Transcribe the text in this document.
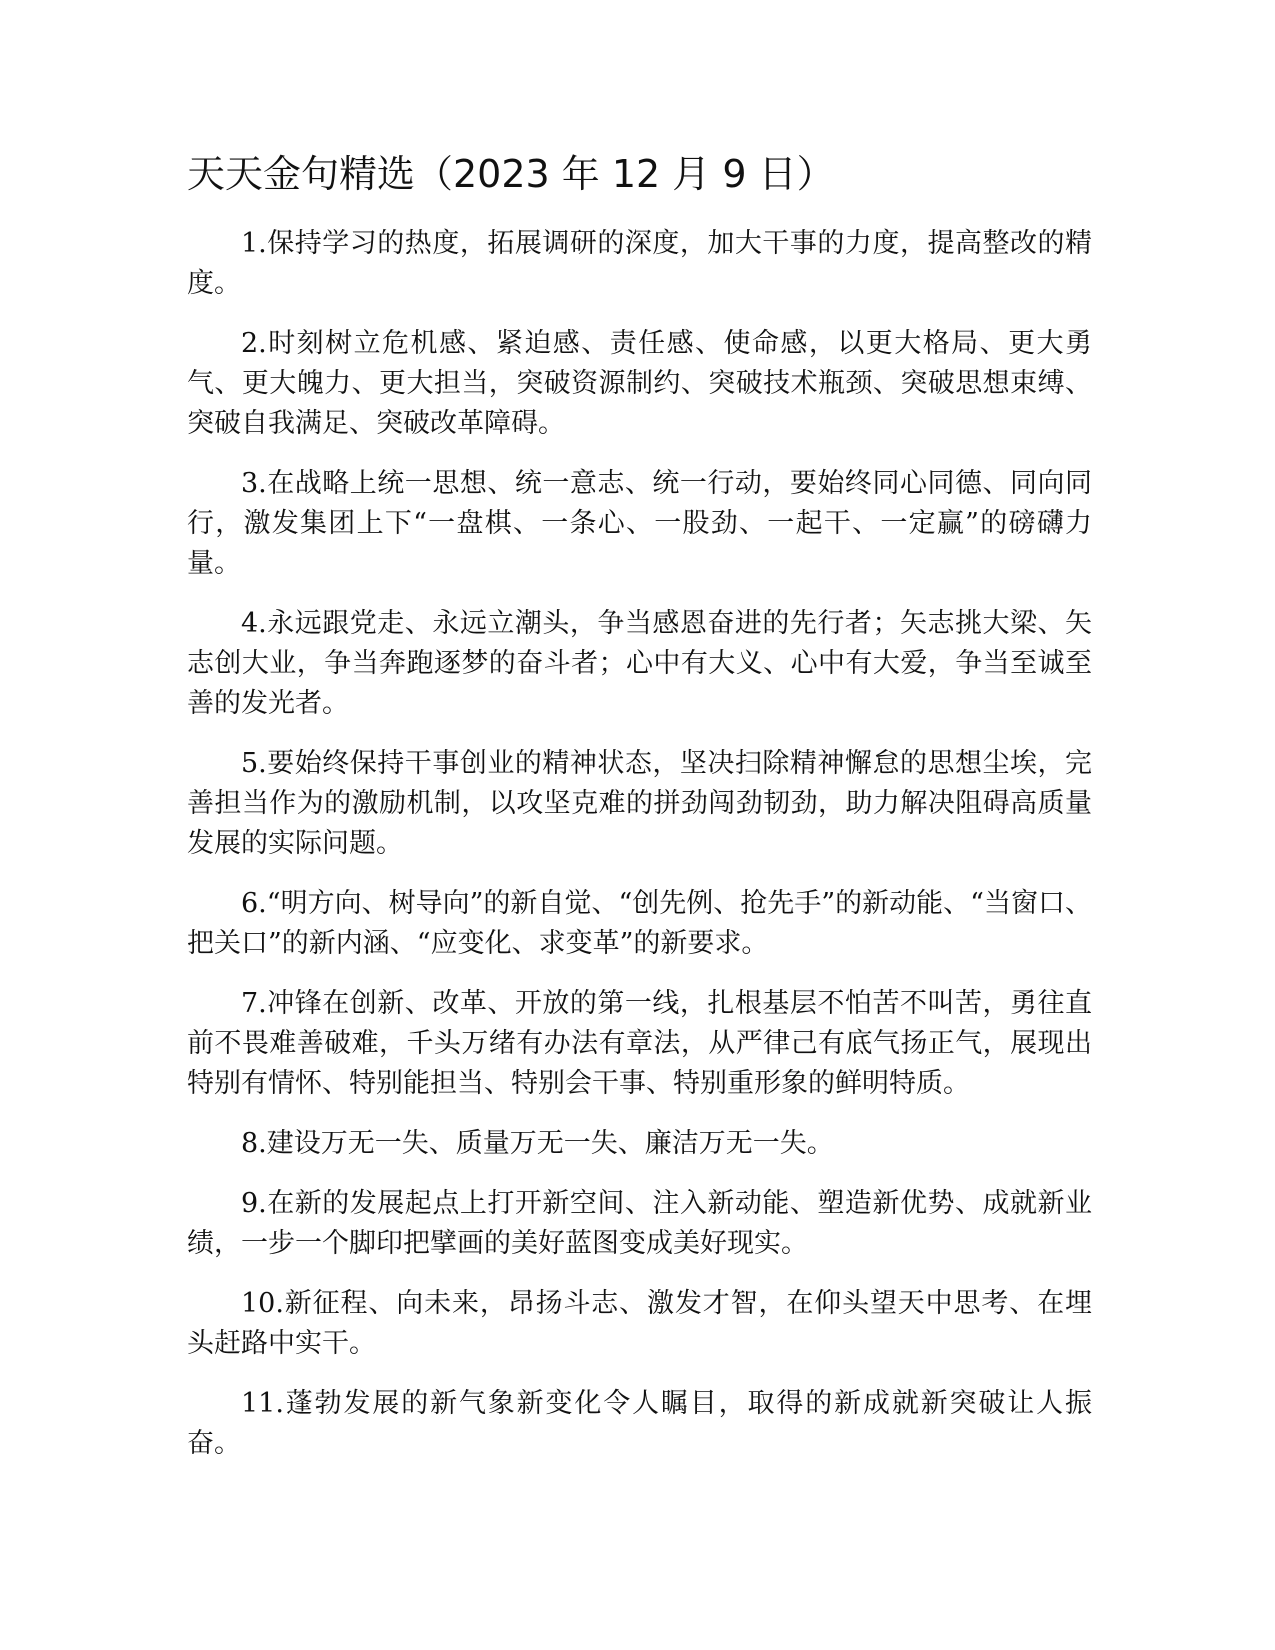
天天金句精选（2023 年 12 月 9 日）

1.保持学习的热度，拓展调研的深度，加大干事的力度，提高整改的精度。

2.时刻树立危机感、紧迫感、责任感、使命感，以更大格局、更大勇气、更大魄力、更大担当，突破资源制约、突破技术瓶颈、突破思想束缚、突破自我满足、突破改革障碍。

3.在战略上统一思想、统一意志、统一行动，要始终同心同德、同向同行，激发集团上下“一盘棋、一条心、一股劲、一起干、一定赢”的磅礴力量。

4.永远跟党走、永远立潮头，争当感恩奋进的先行者；矢志挑大梁、矢志创大业，争当奔跑逐梦的奋斗者；心中有大义、心中有大爱，争当至诚至善的发光者。

5.要始终保持干事创业的精神状态，坚决扫除精神懈怠的思想尘埃，完善担当作为的激励机制，以攻坚克难的拼劲闯劲韧劲，助力解决阻碍高质量发展的实际问题。

6.“明方向、树导向”的新自觉、“创先例、抢先手”的新动能、“当窗口、把关口”的新内涵、“应变化、求变革”的新要求。

7.冲锋在创新、改革、开放的第一线，扎根基层不怕苦不叫苦，勇往直前不畏难善破难，千头万绪有办法有章法，从严律己有底气扬正气，展现出特别有情怀、特别能担当、特别会干事、特别重形象的鲜明特质。

8.建设万无一失、质量万无一失、廉洁万无一失。

9.在新的发展起点上打开新空间、注入新动能、塑造新优势、成就新业绩，一步一个脚印把擘画的美好蓝图变成美好现实。

10.新征程、向未来，昂扬斗志、激发才智，在仰头望天中思考、在埋头赶路中实干。

11.蓬勃发展的新气象新变化令人瞩目，取得的新成就新突破让人振奋。
